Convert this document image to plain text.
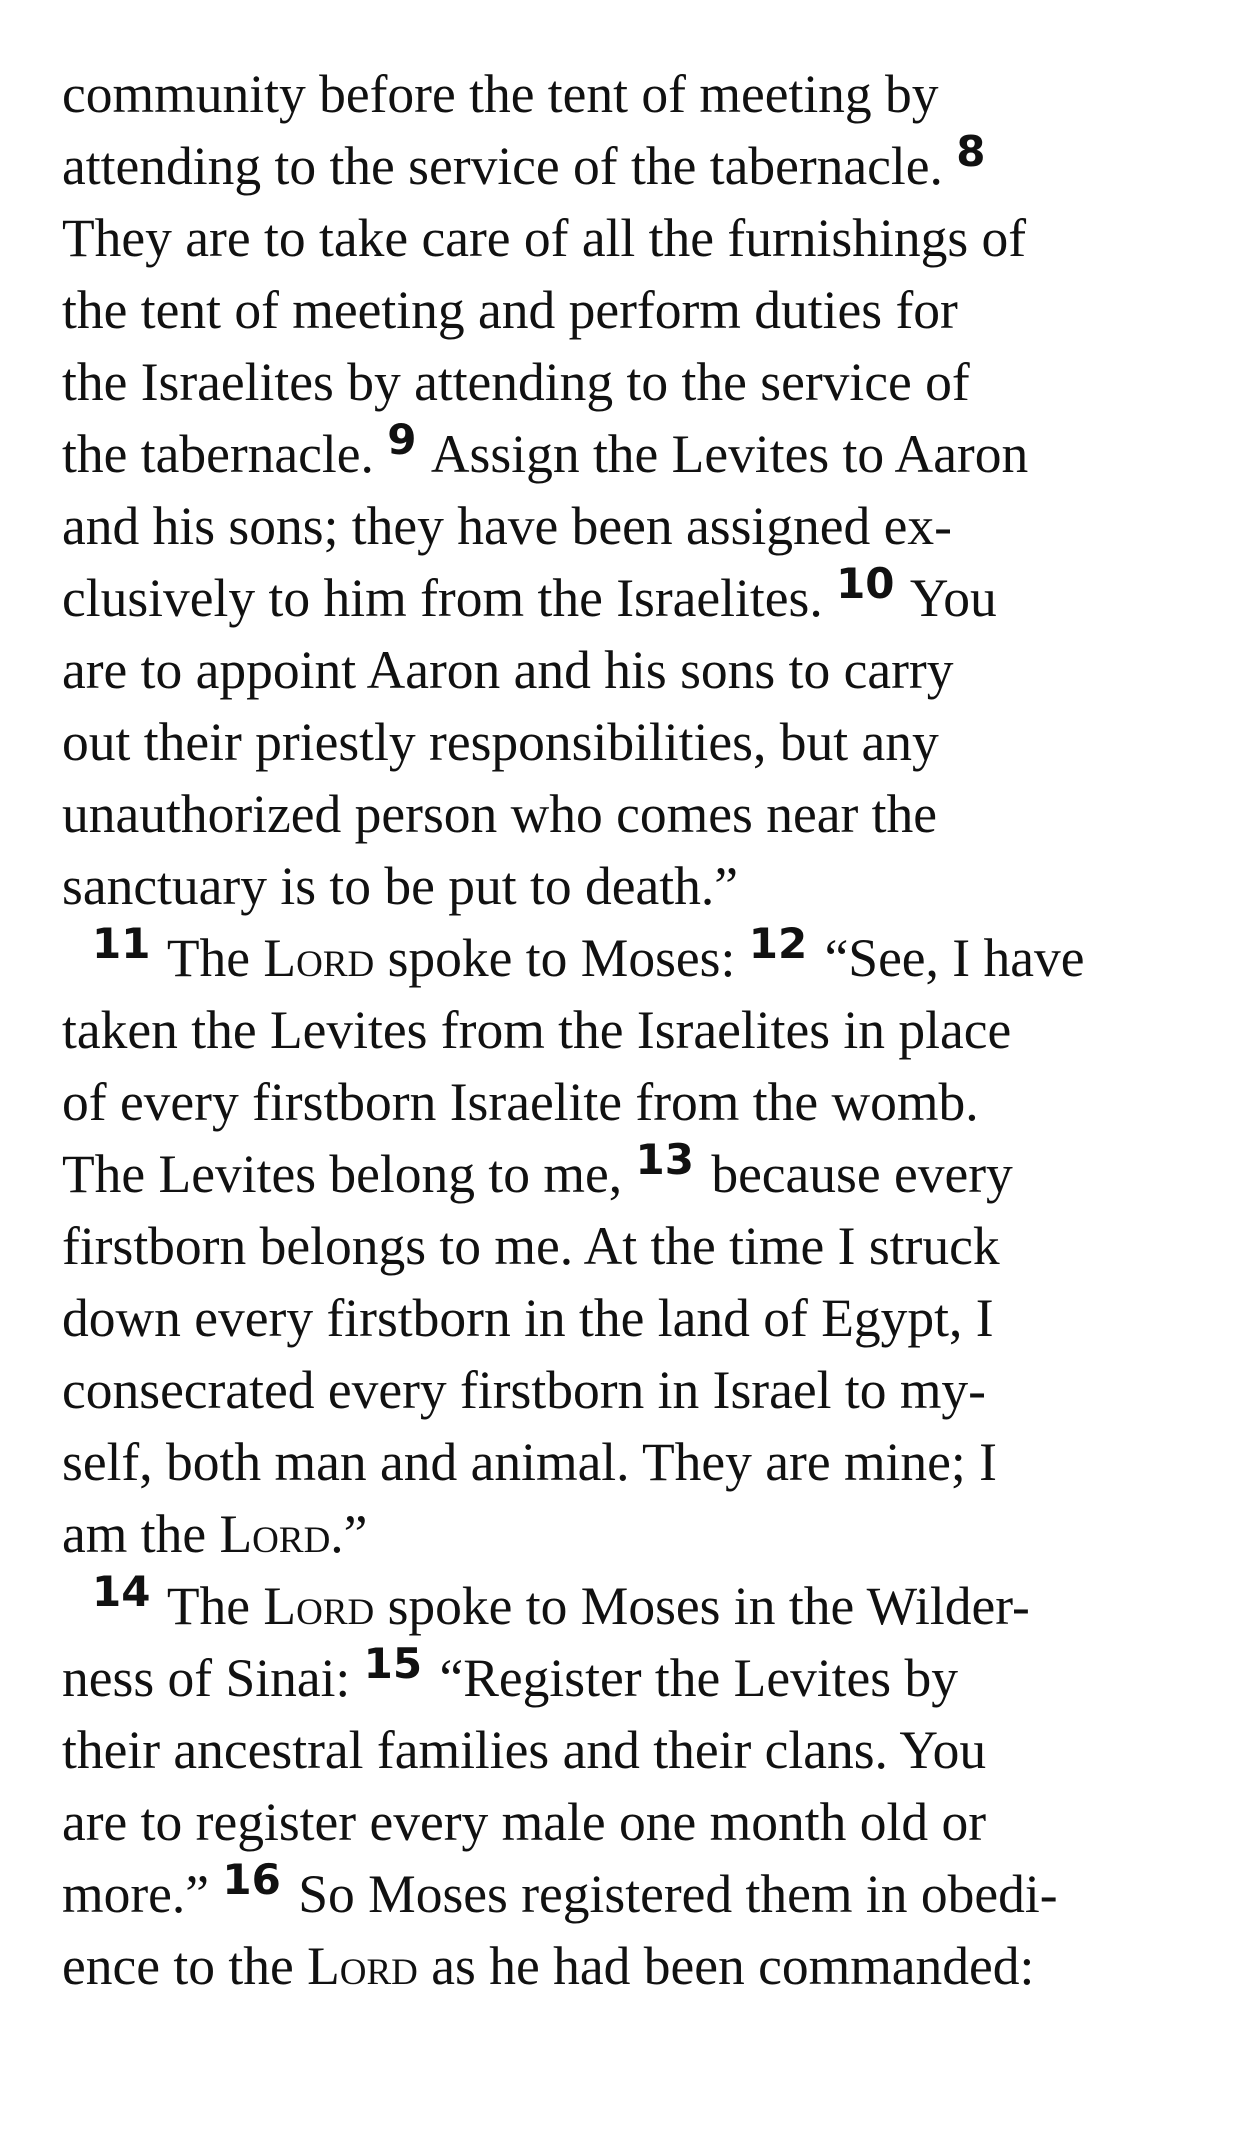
community before the tent of meeting by
attending to the service of the tabernacle. $^8$
They are to take care of all the furnishings of
the tent of meeting and perform duties for
the Israelites by attending to the service of
the tabernacle. $^9$ Assign the Levites to Aaron
and his sons; they have been assigned ex-
clusively to him from the Israelites. $^{10}$ You
are to appoint Aaron and his sons to carry
out their priestly responsibilities, but any
unauthorized person who comes near the
sanctuary is to be put to death.”
$^{11}$ The Lord spoke to Moses: $^{12}$ “See, I have
taken the Levites from the Israelites in place
of every firstborn Israelite from the womb.
The Levites belong to me, $^{13}$ because every
firstborn belongs to me. At the time I struck
down every firstborn in the land of Egypt, I
consecrated every firstborn in Israel to my-
self, both man and animal. They are mine; I
am the Lord.”
$^{14}$ The Lord spoke to Moses in the Wilder-
ness of Sinai: $^{15}$ “Register the Levites by
their ancestral families and their clans. You
are to register every male one month old or
more.” $^{16}$ So Moses registered them in obedi-
ence to the Lord as he had been commanded:
